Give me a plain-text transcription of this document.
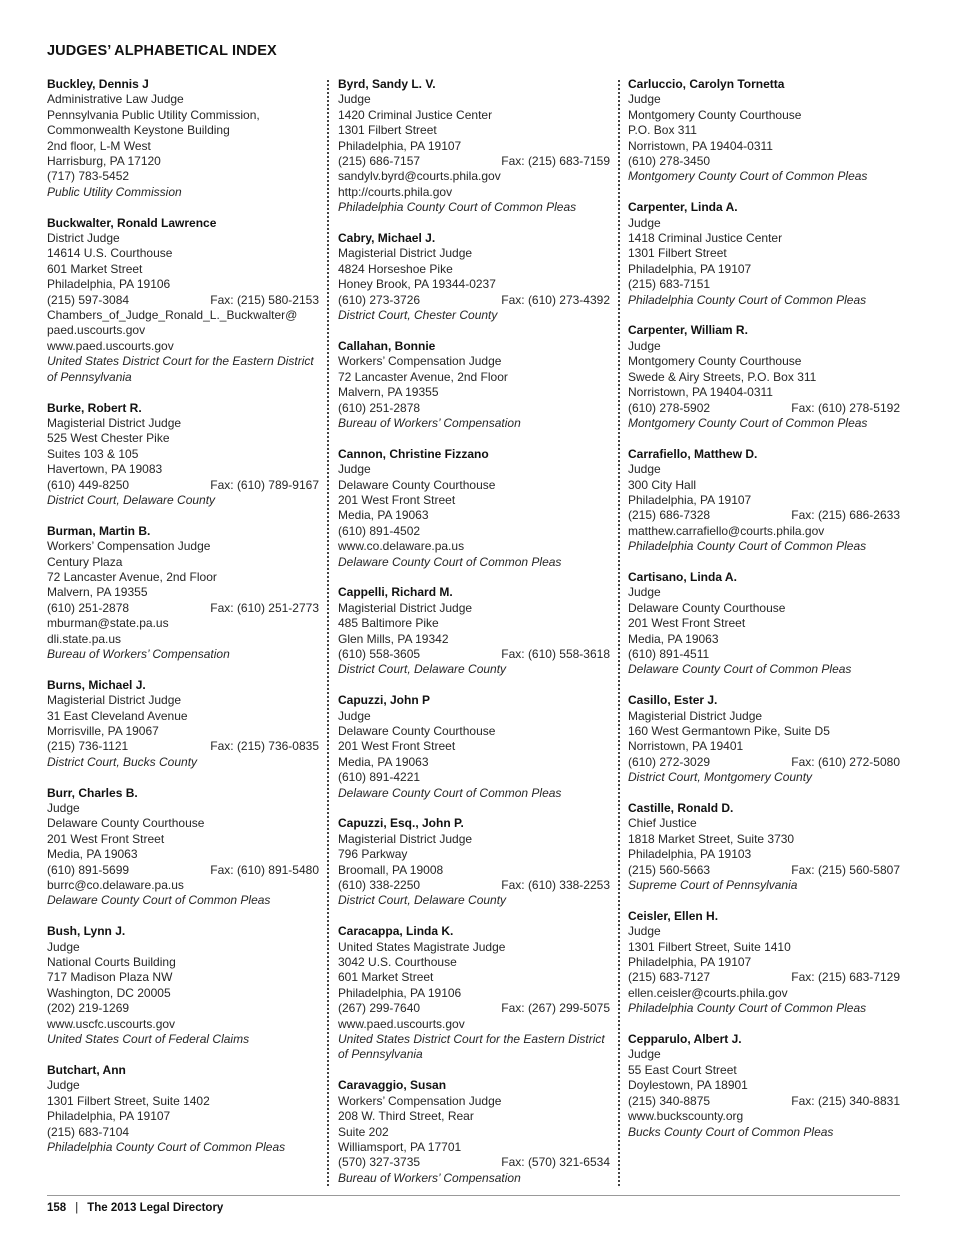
JUDGES’ ALPHABETICAL INDEX
Buckley, Dennis J
Administrative Law Judge
Pennsylvania Public Utility Commission,
Commonwealth Keystone Building
2nd floor, L-M West
Harrisburg, PA 17120
(717) 783-5452
Public Utility Commission
Buckwalter, Ronald Lawrence
District Judge
14614 U.S. Courthouse
601 Market Street
Philadelphia, PA 19106
(215) 597-3084	Fax: (215) 580-2153
Chambers_of_Judge_Ronald_L._Buckwalter@
paed.uscourts.gov
www.paed.uscourts.gov
United States District Court for the Eastern District of Pennsylvania
Burke, Robert R.
Magisterial District Judge
525 West Chester Pike
Suites 103 & 105
Havertown, PA 19083
(610) 449-8250	Fax: (610) 789-9167
District Court, Delaware County
Burman, Martin B.
Workers’ Compensation Judge
Century Plaza
72 Lancaster Avenue, 2nd Floor
Malvern, PA 19355
(610) 251-2878	Fax: (610) 251-2773
mburman@state.pa.us
dli.state.pa.us
Bureau of Workers’ Compensation
Burns, Michael J.
Magisterial District Judge
31 East Cleveland Avenue
Morrisville, PA 19067
(215) 736-1121	Fax: (215) 736-0835
District Court, Bucks County
Burr, Charles B.
Judge
Delaware County Courthouse
201 West Front Street
Media, PA 19063
(610) 891-5699	Fax: (610) 891-5480
burrc@co.delaware.pa.us
Delaware County Court of Common Pleas
Bush, Lynn J.
Judge
National Courts Building
717 Madison Plaza NW
Washington, DC 20005
(202) 219-1269
www.uscfc.uscourts.gov
United States Court of Federal Claims
Butchart, Ann
Judge
1301 Filbert Street, Suite 1402
Philadelphia, PA 19107
(215) 683-7104
Philadelphia County Court of Common Pleas
Byrd, Sandy L. V.
Judge
1420 Criminal Justice Center
1301 Filbert Street
Philadelphia, PA 19107
(215) 686-7157	Fax: (215) 683-7159
sandylv.byrd@courts.phila.gov
http://courts.phila.gov
Philadelphia County Court of Common Pleas
Cabry, Michael J.
Magisterial District Judge
4824 Horseshoe Pike
Honey Brook, PA 19344-0237
(610) 273-3726	Fax: (610) 273-4392
District Court, Chester County
Callahan, Bonnie
Workers’ Compensation Judge
72 Lancaster Avenue, 2nd Floor
Malvern, PA 19355
(610) 251-2878
Bureau of Workers’ Compensation
Cannon, Christine Fizzano
Judge
Delaware County Courthouse
201 West Front Street
Media, PA 19063
(610) 891-4502
www.co.delaware.pa.us
Delaware County Court of Common Pleas
Cappelli, Richard M.
Magisterial District Judge
485 Baltimore Pike
Glen Mills, PA 19342
(610) 558-3605	Fax: (610) 558-3618
District Court, Delaware County
Capuzzi, John P
Judge
Delaware County Courthouse
201 West Front Street
Media, PA 19063
(610) 891-4221
Delaware County Court of Common Pleas
Capuzzi, Esq., John P.
Magisterial District Judge
796 Parkway
Broomall, PA 19008
(610) 338-2250	Fax: (610) 338-2253
District Court, Delaware County
Caracappa, Linda K.
United States Magistrate Judge
3042 U.S. Courthouse
601 Market Street
Philadelphia, PA 19106
(267) 299-7640	Fax: (267) 299-5075
www.paed.uscourts.gov
United States District Court for the Eastern District of Pennsylvania
Caravaggio, Susan
Workers’ Compensation Judge
208 W. Third Street, Rear
Suite 202
Williamsport, PA 17701
(570) 327-3735	Fax: (570) 321-6534
Bureau of Workers’ Compensation
Carluccio, Carolyn Tornetta
Judge
Montgomery County Courthouse
P.O. Box 311
Norristown, PA 19404-0311
(610) 278-3450
Montgomery County Court of Common Pleas
Carpenter, Linda A.
Judge
1418 Criminal Justice Center
1301 Filbert Street
Philadelphia, PA 19107
(215) 683-7151
Philadelphia County Court of Common Pleas
Carpenter, William R.
Judge
Montgomery County Courthouse
Swede & Airy Streets, P.O. Box 311
Norristown, PA 19404-0311
(610) 278-5902	Fax: (610) 278-5192
Montgomery County Court of Common Pleas
Carrafiello, Matthew D.
Judge
300 City Hall
Philadelphia, PA 19107
(215) 686-7328	Fax: (215) 686-2633
matthew.carrafiello@courts.phila.gov
Philadelphia County Court of Common Pleas
Cartisano, Linda A.
Judge
Delaware County Courthouse
201 West Front Street
Media, PA 19063
(610) 891-4511
Delaware County Court of Common Pleas
Casillo, Ester J.
Magisterial District Judge
160 West Germantown Pike, Suite D5
Norristown, PA 19401
(610) 272-3029	Fax: (610) 272-5080
District Court, Montgomery County
Castille, Ronald D.
Chief Justice
1818 Market Street, Suite 3730
Philadelphia, PA 19103
(215) 560-5663	Fax: (215) 560-5807
Supreme Court of Pennsylvania
Ceisler, Ellen H.
Judge
1301 Filbert Street, Suite 1410
Philadelphia, PA 19107
(215) 683-7127	Fax: (215) 683-7129
ellen.ceisler@courts.phila.gov
Philadelphia County Court of Common Pleas
Cepparulo, Albert J.
Judge
55 East Court Street
Doylestown, PA 18901
(215) 340-8875	Fax: (215) 340-8831
www.buckscounty.org
Bucks County Court of Common Pleas
158 | The 2013 Legal Directory
